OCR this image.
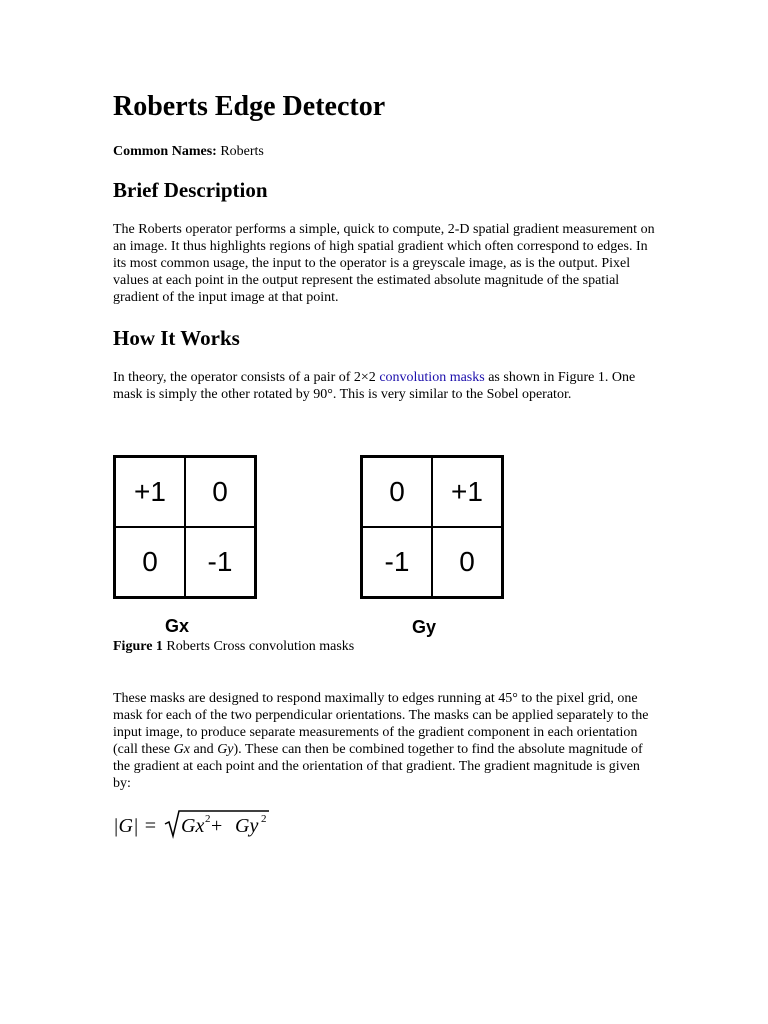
Roberts Edge Detector
Common Names: Roberts
Brief Description

The Roberts operator performs a simple, quick to compute, 2-D spatial gradient measurement on an image. It thus highlights regions of high spatial gradient which often correspond to edges. In its most common usage, the input to the operator is a greyscale image, as is the output. Pixel values at each point in the output represent the estimated absolute magnitude of the spatial gradient of the input image at that point.

How It Works

In theory, the operator consists of a pair of 2×2 convolution masks as shown in Figure 1. One mask is simply the other rotated by 90°. This is very similar to the Sobel operator.

+1	0
0	-1
0	+1
-1	0
Gx	Gy
Figure 1 Roberts Cross convolution masks

These masks are designed to respond maximally to edges running at 45° to the pixel grid, one mask for each of the two perpendicular orientations. The masks can be applied separately to the input image, to produce separate measurements of the gradient component in each orientation (call these Gx and Gy). These can then be combined together to find the absolute magnitude of the gradient at each point and the orientation of that gradient. The gradient magnitude is given by:

|G| = Gx 2 + Gy 2
